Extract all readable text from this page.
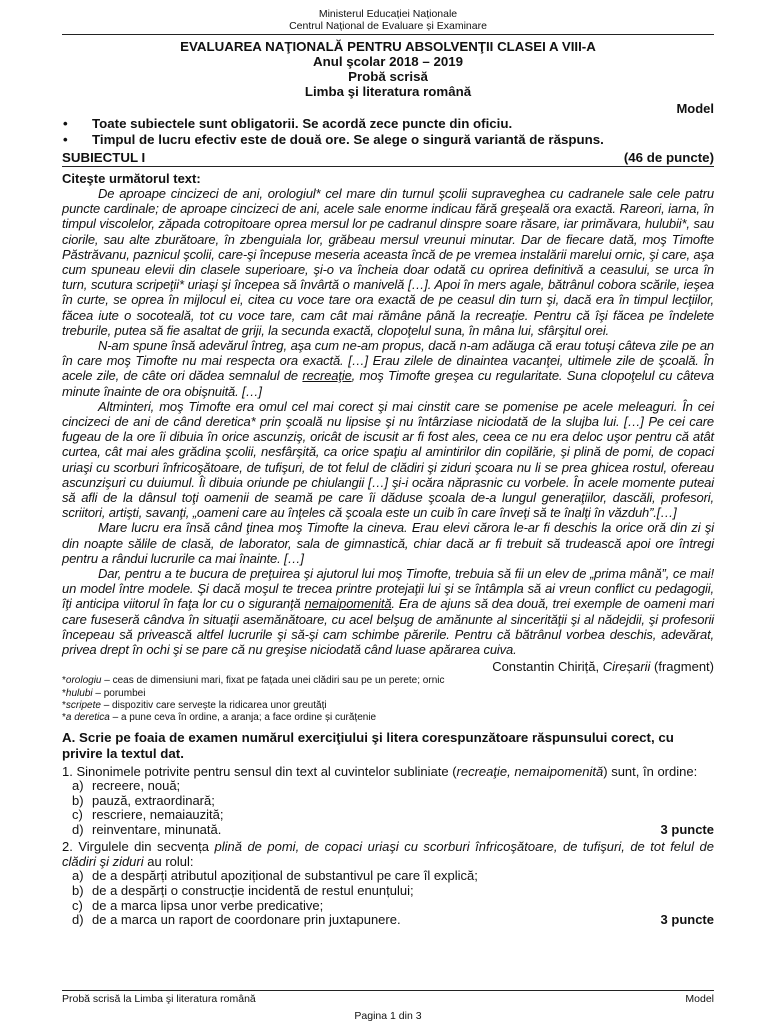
Ministerul Educației Naționale
Centrul Național de Evaluare și Examinare
EVALUAREA NAŢIONALĂ PENTRU ABSOLVENŢII CLASEI A VIII-A
Anul şcolar 2018 – 2019
Probă scrisă
Limba şi literatura română
Model
• Toate subiectele sunt obligatorii. Se acordă zece puncte din oficiu.
• Timpul de lucru efectiv este de două ore. Se alege o singură variantă de răspuns.
SUBIECTUL I	(46 de puncte)
Citeşte următorul text:

De aproape cincizeci de ani, orologiul* cel mare din turnul şcolii supraveghea cu cadranele sale cele patru puncte cardinale; de aproape cincizeci de ani, acele sale enorme indicau fără greşeală ora exactă. Rareori, iarna, în timpul viscolelor, zăpada cotropitoare oprea mersul lor pe cadranul dinspre soare răsare, iar primăvara, hulubii*, sau ciorile, sau alte zburătoare, în zbenguiala lor, grăbeau mersul vreunui minutar. Dar de fiecare dată, moş Timofte Păstrăvanu, paznicul şcolii, care-şi începuse meseria aceasta încă de pe vremea instalării marelui ornic, şi care, aşa cum spuneau elevii din clasele superioare, şi-o va încheia doar odată cu oprirea definitivă a ceasului, se urca în turn, scutura scripeţii* uriaşi şi începea să învârtă o manivelă […]. Apoi în mers agale, bătrânul cobora scările, ieşea în curte, se oprea în mijlocul ei, citea cu voce tare ora exactă de pe ceasul din turn şi, dacă era în timpul lecţiilor, făcea iute o socoteală, tot cu voce tare, cam cât mai rămâne până la recreaţie. Pentru că îşi făcea pe îndelete treburile, putea să fie asaltat de griji, la secunda exactă, clopoţelul suna, în mâna lui, sfârşitul orei.

N-am spune însă adevărul întreg, aşa cum ne-am propus, dacă n-am adăuga că erau totuşi câteva zile pe an în care moş Timofte nu mai respecta ora exactă. […] Erau zilele de dinaintea vacanţei, ultimele zile de şcoală. În acele zile, de câte ori dădea semnalul de recreaţie, moş Timofte greşea cu regularitate. Suna clopoţelul cu câteva minute înainte de ora obişnuită. […]

Altminteri, moş Timofte era omul cel mai corect şi mai cinstit care se pomenise pe acele meleaguri. În cei cincizeci de ani de când deretica* prin şcoală nu lipsise şi nu întârziase niciodată de la slujba lui. […] Pe cei care fugeau de la ore îi dibuia în orice ascunziş, oricât de iscusit ar fi fost ales, ceea ce nu era deloc uşor pentru că atât curtea, cât mai ales grădina şcolii, nesfârşită, ca orice spaţiu al amintirilor din copilărie, şi plină de pomi, de copaci uriaşi cu scorburi înfricoşătoare, de tufişuri, de tot felul de clădiri şi ziduri şcoara nu li se prea ghicea rostul, ofereau ascunzişuri cu duiumul. Îi dibuia oriunde pe chiulangii […] şi-i ocăra năprasnic cu vorbele. În acele momente puteai să afli de la dânsul toţi oamenii de seamă pe care îi dăduse şcoala de-a lungul generaţiilor, dascăli, profesori, scriitori, artişti, savanţi, „oameni care au înţeles că şcoala este un cuib în care înveţi să te înalţi în văzduh”.[…]

Mare lucru era însă când ţinea moş Timofte la cineva. Erau elevi cărora le-ar fi deschis la orice oră din zi şi din noapte sălile de clasă, de laborator, sala de gimnastică, chiar dacă ar fi trebuit să trudească apoi ore întregi pentru a rândui lucrurile ca mai înainte. […]

Dar, pentru a te bucura de preţuirea şi ajutorul lui moş Timofte, trebuia să fii un elev de „prima mână”, ce mai! un model între modele. Şi dacă moşul te trecea printre protejaţii lui şi se întâmpla să ai vreun conflict cu pedagogii, îţi anticipa viitorul în faţa lor cu o siguranţă nemaipomenită. Era de ajuns să dea două, trei exemple de oameni mari care fuseseră cândva în situaţii asemănătoare, cu acel belşug de amănunte al sincerităţii şi al nădejdii, şi profesorii începeau să privească altfel lucrurile şi să-şi cam schimbe părerile. Pentru că bătrânul vorbea deschis, adevărat, privea drept în ochi şi se pare că nu greşise niciodată când luase apărarea cuiva.

Constantin Chiriță, Cireșarii (fragment)
*orologiu – ceas de dimensiuni mari, fixat pe fațada unei clădiri sau pe un perete; ornic
*hulubi – porumbei
*scripete – dispozitiv care servește la ridicarea unor greutăți
*a deretica – a pune ceva în ordine, a aranja; a face ordine și curățenie
A. Scrie pe foaia de examen numărul exerciţiului şi litera corespunzătoare răspunsului corect, cu privire la textul dat.
1. Sinonimele potrivite pentru sensul din text al cuvintelor subliniate (recreaţie, nemaipomenită) sunt, în ordine:
a) recreere, nouă;
b) pauză, extraordinară;
c) rescriere, nemaiauzită;
d) reinventare, minunată.	3 puncte
2. Virgulele din secvența plină de pomi, de copaci uriaşi cu scorburi înfricoşătoare, de tufişuri, de tot felul de clădiri şi ziduri au rolul:
a) de a despărți atributul apozițional de substantivul pe care îl explică;
b) de a despărți o construcție incidentă de restul enunțului;
c) de a marca lipsa unor verbe predicative;
d) de a marca un raport de coordonare prin juxtapunere.	3 puncte
Probă scrisă la Limba şi literatura română	Model
Pagina 1 din 3
